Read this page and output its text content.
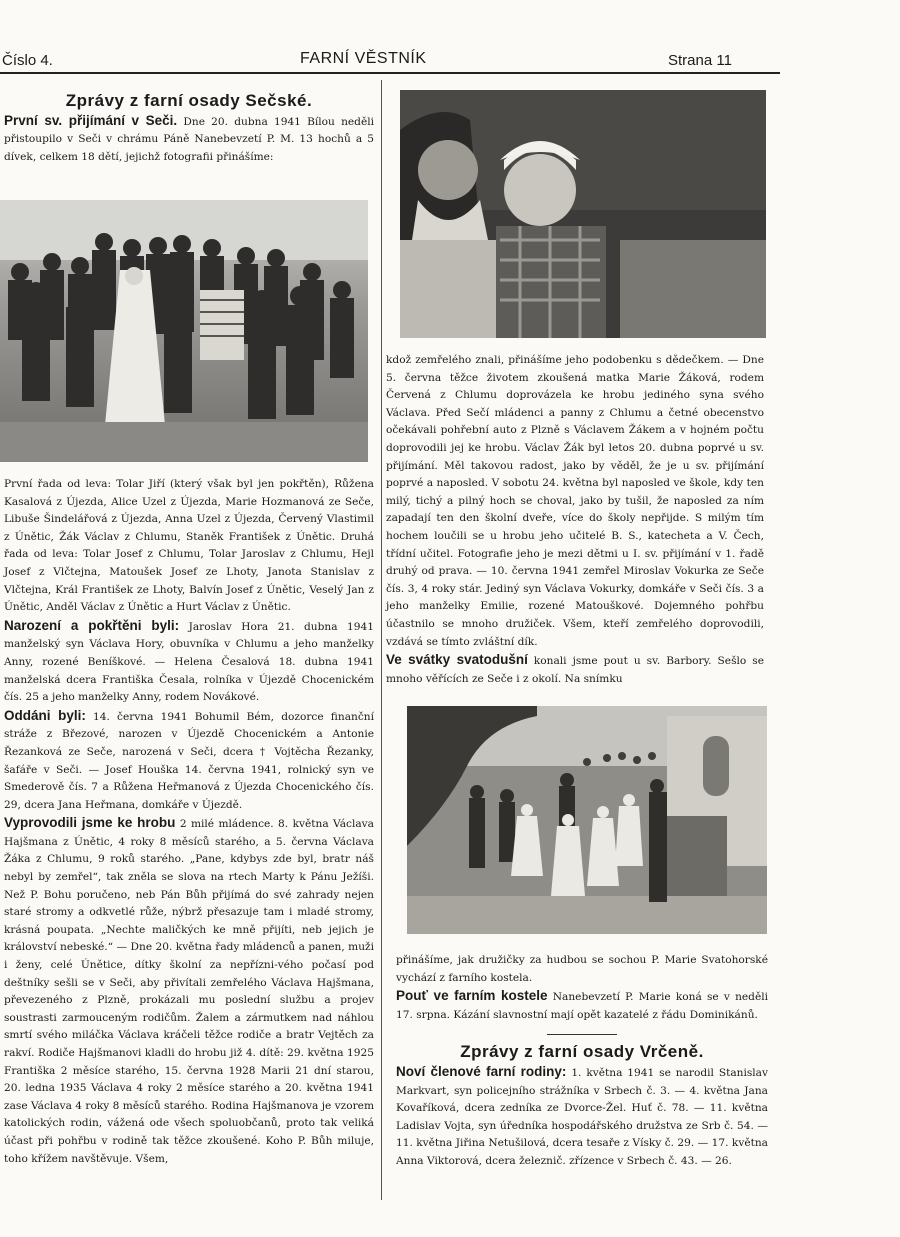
Číslo 4.	FARNÍ VĚSTNÍK	Strana 11
Zprávy z farní osady Sečské.

První sv. přijímání v Seči. Dne 20. dubna 1941 Bílou neděli přistoupilo v Seči v chrámu Páně Nanebevzetí P. M. 13 hochů a 5 dívek, celkem 18 dětí, jejichž fotografii přinášíme:

První řada od leva: Tolar Jiří (který však byl jen pokřtěn), Růžena Kasalová z Újezda, Alice Uzel z Újezda, Marie Hozmanová ze Seče, Libuše Šindelářová z Újezda, Anna Uzel z Újezda, Červený Vlastimil z Únětic, Žák Václav z Chlumu, Staněk František z Únětic. Druhá řada od leva: Tolar Josef z Chlumu, Tolar Jaroslav z Chlumu, Hejl Josef z Vlčtejna, Matoušek Josef ze Lhoty, Janota Stanislav z Vlčtejna, Král František ze Lhoty, Balvín Josef z Únětic, Veselý Jan z Únětic, Anděl Václav z Únětic a Hurt Václav z Únětic.

Narození a pokřtěni byli: Jaroslav Hora 21. dubna 1941 manželský syn Václava Hory, obuvníka v Chlumu a jeho manželky Anny, rozené Beníškové. — Helena Česalová 18. dubna 1941 manželská dcera Františka Česala, rolníka v Újezdě Chocenickém čís. 25 a jeho manželky Anny, rodem Novákové.

Oddáni byli: 14. června 1941 Bohumil Bém, dozorce finanční stráže z Březové, narozen v Újezdě Chocenickém a Antonie Řezanková ze Seče, narozená v Seči, dcera † Vojtěcha Řezanky, šafáře v Seči. — Josef Houška 14. června 1941, rolnický syn ve Smederově čís. 7 a Růžena Heřmanová z Újezda Chocenického čís. 29, dcera Jana Heřmana, domkáře v Újezdě.

Vyprovodili jsme ke hrobu 2 milé mládence. 8. května Václava Hajšmana z Únětic, 4 roky 8 měsíců starého, a 5. června Václava Žáka z Chlumu, 9 roků starého. „Pane, kdybys zde byl, bratr náš nebyl by zemřel“, tak zněla se slova na rtech Marty k Pánu Ježíši. Než P. Bohu poručeno, neb Pán Bůh přijímá do své zahrady nejen staré stromy a odkvetlé růže, nýbrž přesazuje tam i mladé stromy, krásná poupata. „Nechte maličkých ke mně přijíti, neb jejich je království nebeské.“ — Dne 20. května řady mládenců a panen, muži i ženy, celé Únětice, dítky školní za nepřízni-vého počasí pod deštníky sešli se v Seči, aby přivítali zemřelého Václava Hajšmana, převezeného z Plzně, prokázali mu poslední službu a projev soustrasti zarmouceným rodičům. Žalem a zármutkem nad náhlou smrtí svého miláčka Václava kráčeli těžce rodiče a bratr Vejtěch za rakví. Rodiče Hajšmanovi kladli do hrobu již 4. dítě: 29. května 1925 Františka 2 měsíce starého, 15. června 1928 Marii 21 dní starou, 20. ledna 1935 Václava 4 roky 2 měsíce starého a 20. května 1941 zase Václava 4 roky 8 měsíců starého. Rodina Hajšmanova je vzorem katolických rodin, vážená ode všech spoluobčanů, proto tak veliká účast při pohřbu v rodině tak těžce zkoušené. Koho P. Bůh miluje, toho křížem navštěvuje. Všem,

kdož zemřelého znali, přinášíme jeho podobenku s dědečkem. — Dne 5. června těžce životem zkoušená matka Marie Žáková, rodem Červená z Chlumu doprovázela ke hrobu jediného syna svého Václava. Před Sečí mládenci a panny z Chlumu a četné obecenstvo očekávali pohřební auto z Plzně s Václavem Žákem a v hojném počtu doprovodili jej ke hrobu. Václav Žák byl letos 20. dubna poprvé u sv. přijímání. Měl takovou radost, jako by věděl, že je u sv. přijímání poprvé a naposled. V sobotu 24. května byl naposled ve škole, kdy ten milý, tichý a pilný hoch se choval, jako by tušil, že naposled za ním zapadají ten den školní dveře, více do školy nepřijde. S milým tím hochem loučili se u hrobu jeho učitelé B. S., katecheta a V. Čech, třídní učitel. Fotografie jeho je mezi dětmi u I. sv. přijímání v 1. řadě druhý od prava. — 10. června 1941 zemřel Miroslav Vokurka ze Seče čís. 3, 4 roky stár. Jediný syn Václava Vokurky, domkáře v Seči čís. 3 a jeho manželky Emilie, rozené Matouškové. Dojemného pohřbu účastnilo se mnoho družiček. Všem, kteří zemřelého doprovodili, vzdává se tímto zvláštní dík.

Ve svátky svatodušní konali jsme pout u sv. Barbory. Sešlo se mnoho věřících ze Seče i z okolí. Na snímku

přinášíme, jak družičky za hudbou se sochou P. Marie Svatohorské vychází z farního kostela.

Pouť ve farním kostele Nanebevzetí P. Marie koná se v neděli 17. srpna. Kázání slavnostní mají opět kazatelé z řádu Dominikánů.

Zprávy z farní osady Vrčeně.

Noví členové farní rodiny: 1. května 1941 se narodil Stanislav Markvart, syn policejního strážníka v Srbech č. 3. — 4. května Jana Kovaříková, dcera zedníka ze Dvorce-Žel. Huť č. 78. — 11. května Ladislav Vojta, syn úředníka hospodářského družstva ze Srb č. 54. — 11. května Jiřina Netušilová, dcera tesaře z Vísky č. 29. — 17. května Anna Viktorová, dcera železnič. zřízence v Srbech č. 43. — 26.
